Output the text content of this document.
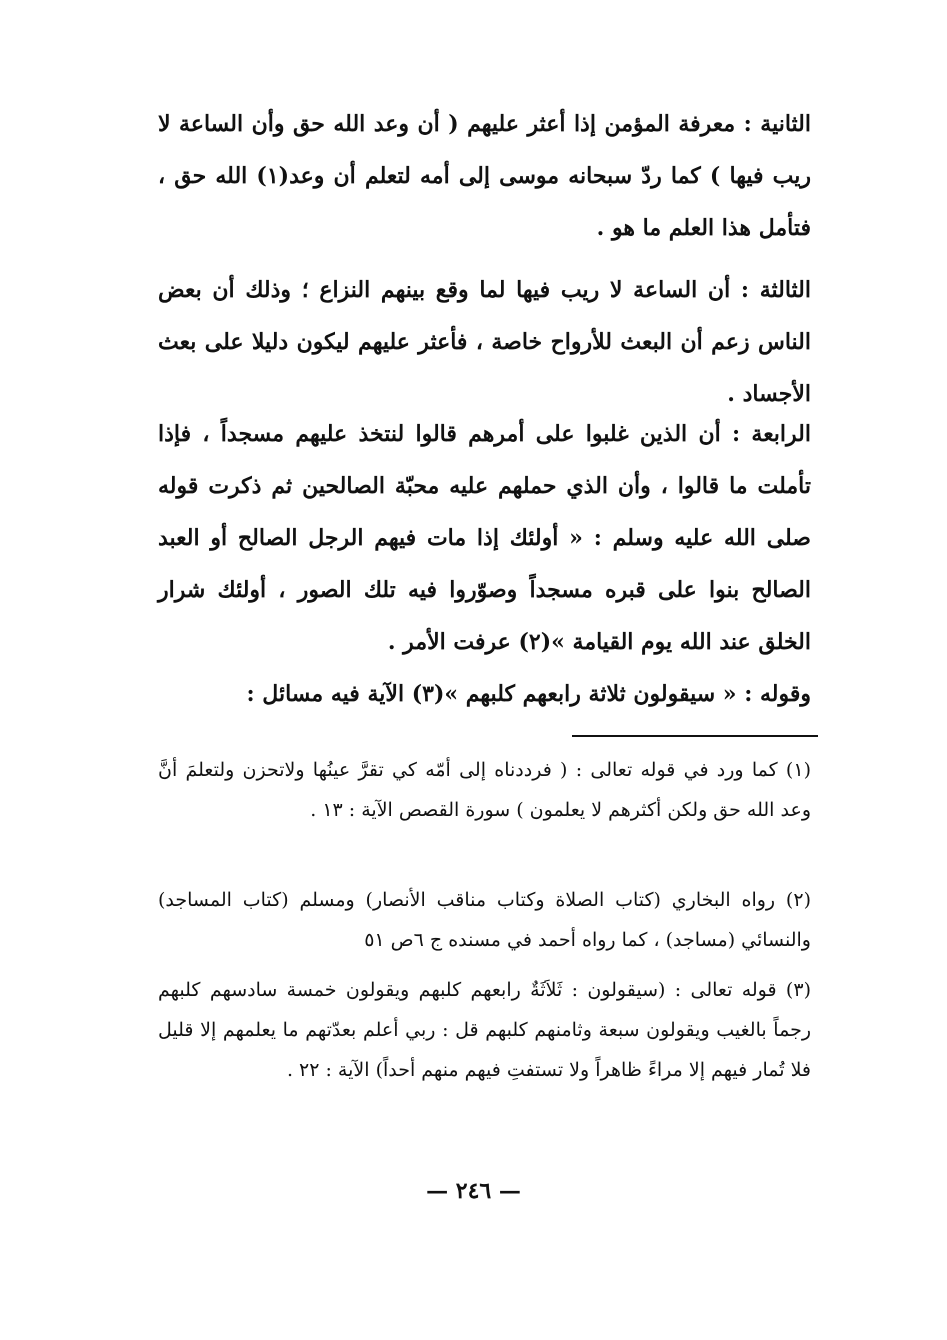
الثانية : معرفة المؤمن إذا أعثر عليهم ( أن وعد الله حق وأن الساعة لا ريب فيها ) كما ردّ سبحانه موسى إلى أمه لتعلم أن وعد(١) الله حق ، فتأمل هذا العلم ما هو .

الثالثة : أن الساعة لا ريب فيها لما وقع بينهم النزاع ؛ وذلك أن بعض الناس زعم أن البعث للأرواح خاصة ، فأعثر عليهم ليكون دليلا على بعث الأجساد .

الرابعة : أن الذين غلبوا على أمرهم قالوا لنتخذ عليهم مسجداً ، فإذا تأملت ما قالوا ، وأن الذي حملهم عليه محبّة الصالحين ثم ذكرت قوله صلى الله عليه وسلم : « أولئك إذا مات فيهم الرجل الصالح أو العبد الصالح بنوا على قبره مسجداً وصوّروا فيه تلك الصور ، أولئك شرار الخلق عند الله يوم القيامة »(٢) عرفت الأمر .

وقوله : « سيقولون ثلاثة رابعهم كلبهم »(٣) الآية فيه مسائل :

(١) كما ورد في قوله تعالى : ( فرددناه إلى أمّه كي تقرَّ عينُها ولاتحزن ولتعلمَ أنَّ وعد الله حق ولكن أكثرهم لا يعلمون ) سورة القصص الآية : ١٣ .

(٢) رواه البخاري (كتاب الصلاة وكتاب مناقب الأنصار) ومسلم (كتاب المساجد) والنسائي (مساجد) ، كما رواه أحمد في مسنده ج ٦ص ٥١

(٣) قوله تعالى : (سيقولون : ثَلاَثَةٌ رابعهم كلبهم ويقولون خمسة سادسهم كلبهم رجماً بالغيب ويقولون سبعة وثامنهم كلبهم قل : ربي أعلم بعدّتهم ما يعلمهم إلا قليل فلا تُمار فيهم إلا مراءً ظاهراً ولا تستفتِ فيهم منهم أحداً) الآية : ٢٢ .

— ٢٤٦ —
